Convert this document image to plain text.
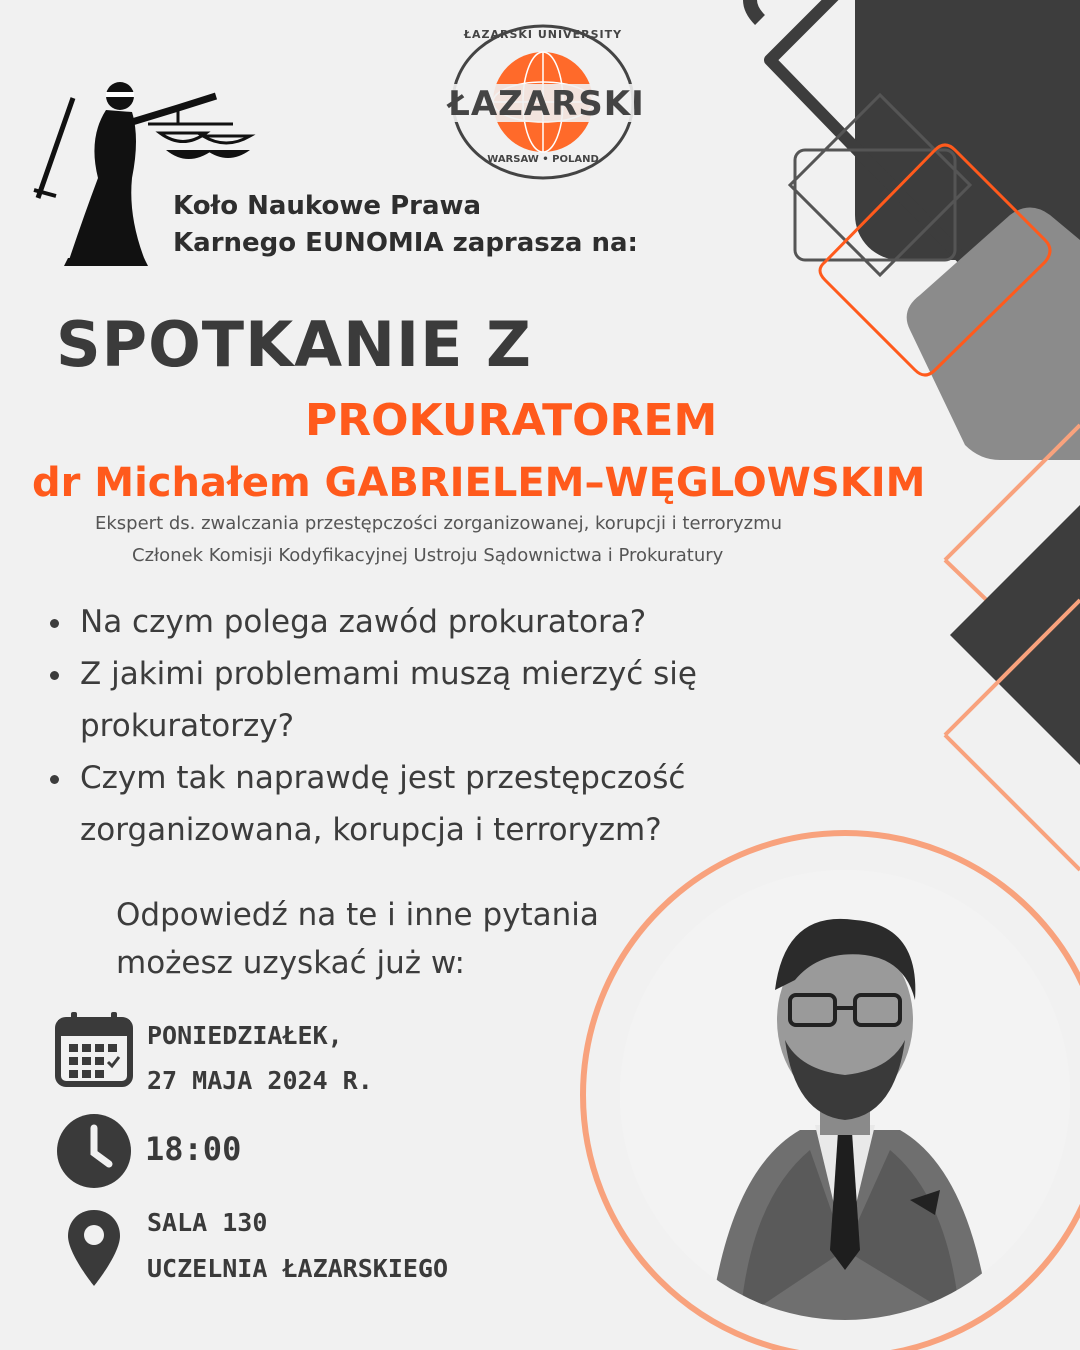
ŁAZARSKI UNIVERSITY
ŁAZARSKI
WARSAW • POLAND
Koło Naukowe Prawa
Karnego EUNOMIA zaprasza na:
SPOTKANIE Z
PROKURATOREM
dr Michałem GABRIELEM–WĘGLOWSKIM
Ekspert ds. zwalczania przestępczości zorganizowanej, korupcji i terroryzmu
Członek Komisji Kodyfikacyjnej Ustroju Sądownictwa i Prokuratury
Na czym polega zawód prokuratora?
Z jakimi problemami muszą mierzyć się
prokuratorzy?
Czym tak naprawdę jest przestępczość
zorganizowana, korupcja i terroryzm?
Odpowiedź na te i inne pytania
możesz uzyskać już w:
PONIEDZIAŁEK,
27 MAJA 2024 R.
18:00
SALA 130
UCZELNIA ŁAZARSKIEGO
